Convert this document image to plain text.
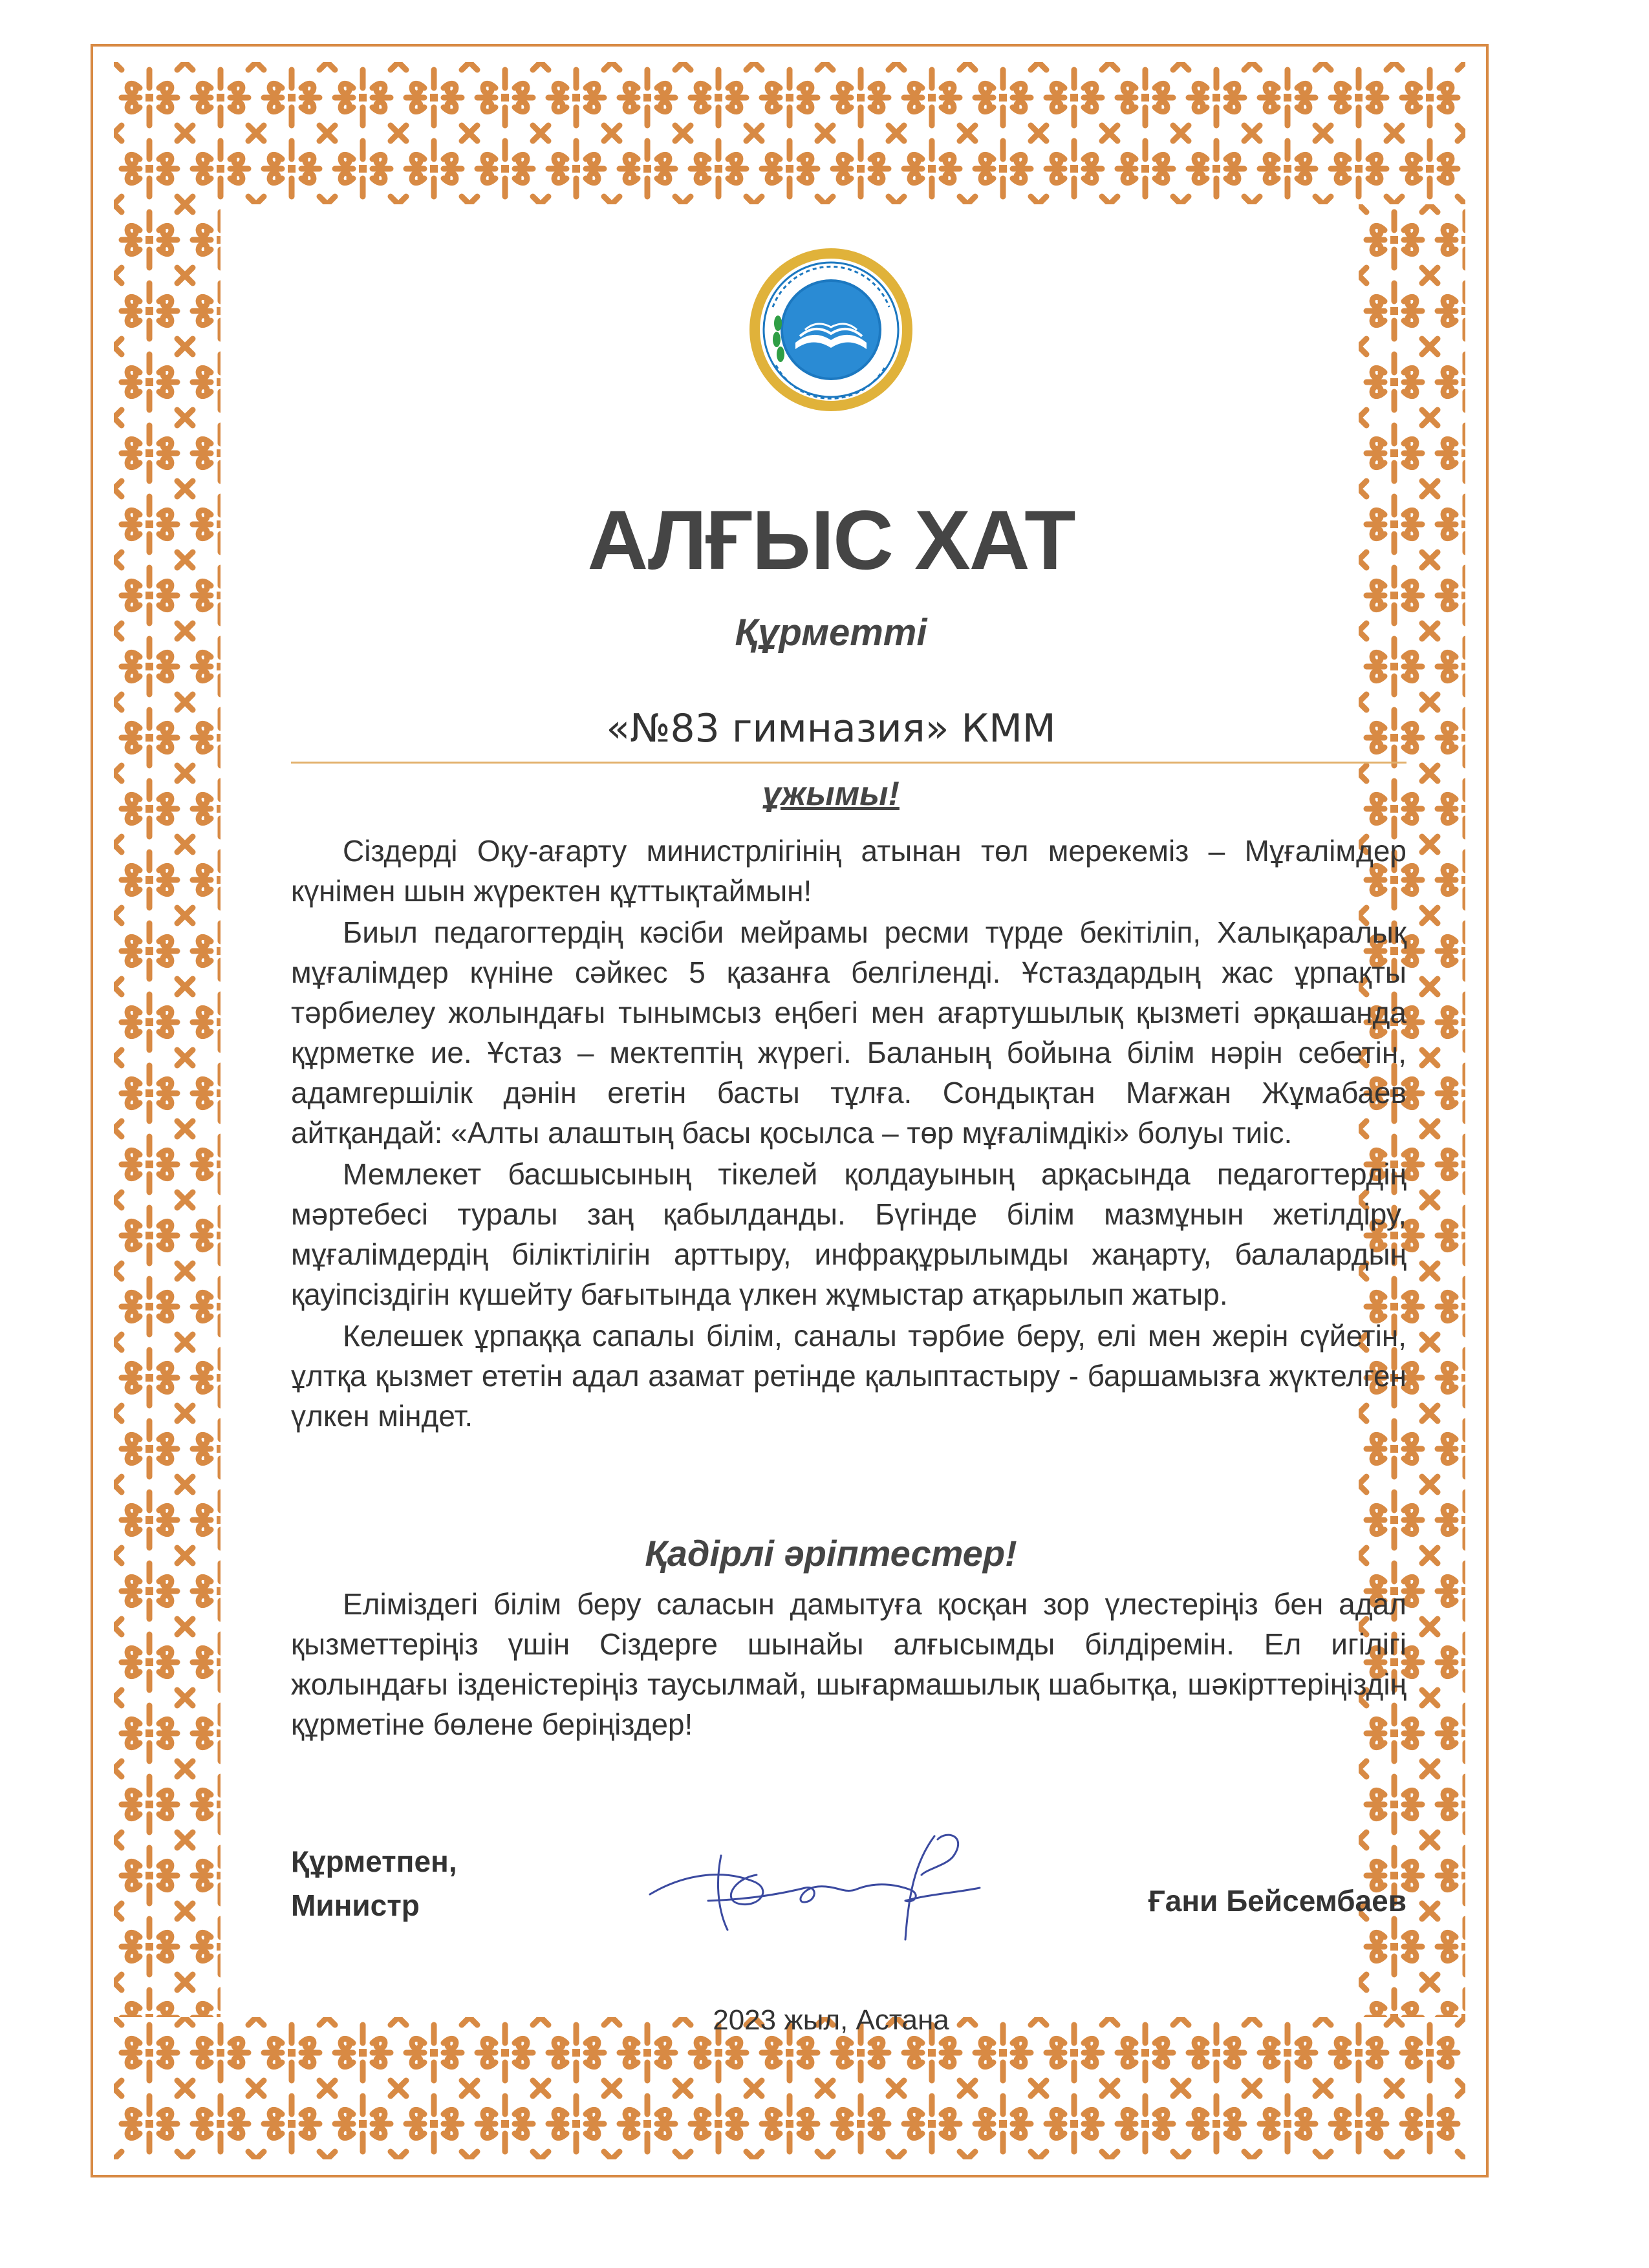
АЛҒЫС ХАТ
Құрметті
«№83 гимназия» КММ
ұжымы!

Сіздерді Оқу-ағарту министрлігінің атынан төл мерекеміз – Мұғалімдер күнімен шын жүректен құттықтаймын!

Биыл педагогтердің кәсіби мейрамы ресми түрде бекітіліп, Халықаралық мұғалімдер күніне сәйкес 5 қазанға белгіленді. Ұстаздардың жас ұрпақты тәрбиелеу жолындағы тынымсыз еңбегі мен ағартушылық қызметі әрқашанда құрметке ие. Ұстаз – мектептің жүрегі. Баланың бойына білім нәрін себетін, адамгершілік дәнін егетін басты тұлға. Сондықтан Мағжан Жұмабаев айтқандай: «Алты алаштың басы қосылса – төр мұғалімдікі» болуы тиіс.

Мемлекет басшысының тікелей қолдауының арқасында педагогтердің мәртебесі туралы заң қабылданды. Бүгінде білім мазмұнын жетілдіру, мұғалімдердің біліктілігін арттыру, инфрақұрылымды жаңарту, балалардың қауіпсіздігін күшейту бағытында үлкен жұмыстар атқарылып жатыр.

Келешек ұрпаққа сапалы білім, саналы тәрбие беру, елі мен жерін сүйетін, ұлтқа қызмет ететін адал азамат ретінде қалыптастыру - баршамызға жүктелген үлкен міндет.

Қадірлі әріптестер!

Еліміздегі білім беру саласын дамытуға қосқан зор үлестеріңіз бен адал қызметтеріңіз үшін Сіздерге шынайы алғысымды білдіремін. Ел игілігі жолындағы ізденістеріңіз таусылмай, шығармашылық шабытқа, шәкірттеріңіздің құрметіне бөлене беріңіздер!

Құрметпен,
Министр	Ғани Бейсембаев
2023 жыл, Астана
